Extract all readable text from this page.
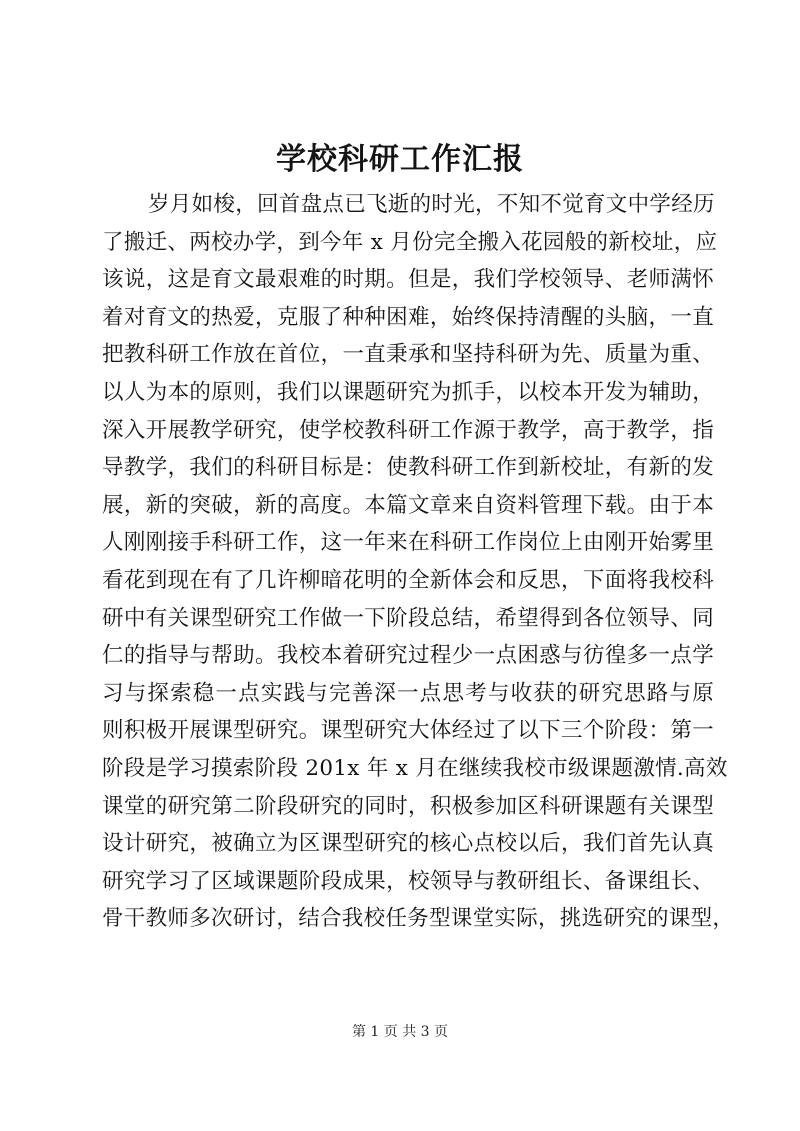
学校科研工作汇报
岁月如梭，回首盘点已飞逝的时光，不知不觉育文中学经历
了搬迁、两校办学，到今年 x 月份完全搬入花园般的新校址，应
该说，这是育文最艰难的时期。但是，我们学校领导、老师满怀
着对育文的热爱，克服了种种困难，始终保持清醒的头脑，一直
把教科研工作放在首位，一直秉承和坚持科研为先、质量为重、
以人为本的原则，我们以课题研究为抓手，以校本开发为辅助，
深入开展教学研究，使学校教科研工作源于教学，高于教学，指
导教学，我们的科研目标是：使教科研工作到新校址，有新的发
展，新的突破，新的高度。本篇文章来自资料管理下载。由于本
人刚刚接手科研工作，这一年来在科研工作岗位上由刚开始雾里
看花到现在有了几许柳暗花明的全新体会和反思，下面将我校科
研中有关课型研究工作做一下阶段总结，希望得到各位领导、同
仁的指导与帮助。我校本着研究过程少一点困惑与彷徨多一点学
习与探索稳一点实践与完善深一点思考与收获的研究思路与原
则积极开展课型研究。课型研究大体经过了以下三个阶段：第一
阶段是学习摸索阶段 201x 年 x 月在继续我校市级课题激情.高效
课堂的研究第二阶段研究的同时，积极参加区科研课题有关课型
设计研究，被确立为区课型研究的核心点校以后，我们首先认真
研究学习了区域课题阶段成果，校领导与教研组长、备课组长、
骨干教师多次研讨，结合我校任务型课堂实际，挑选研究的课型，
第 1 页 共 3 页
